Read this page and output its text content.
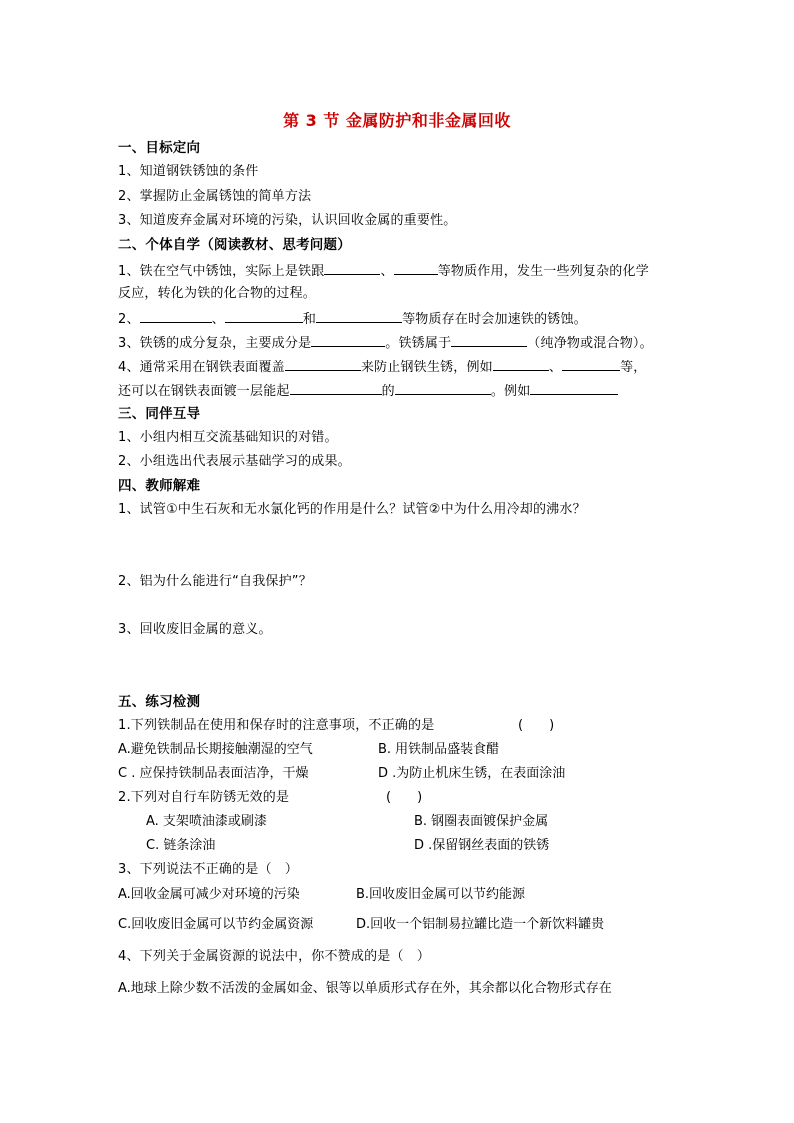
第 3 节 金属防护和非金属回收
一、目标定向
1、知道钢铁锈蚀的条件
2、掌握防止金属锈蚀的简单方法
3、知道废弃金属对环境的污染，认识回收金属的重要性。
二、个体自学（阅读教材、思考问题）
1、铁在空气中锈蚀，实际上是铁跟	、	等物质作用，发生一些列复杂的化学
反应，转化为铁的化合物的过程。
2、	、	和	等物质存在时会加速铁的锈蚀。
3、铁锈的成分复杂，主要成分是	。铁锈属于	（纯净物或混合物）。
4、通常采用在钢铁表面覆盖	来防止钢铁生锈，例如	、	等，
还可以在钢铁表面镀一层能起	的	。例如
三、同伴互导
1、小组内相互交流基础知识的对错。
2、小组选出代表展示基础学习的成果。
四、教师解难
1、试管①中生石灰和无水氯化钙的作用是什么？试管②中为什么用冷却的沸水？
2、铝为什么能进行“自我保护”？
3、回收废旧金属的意义。
五、练习检测
1.下列铁制品在使用和保存时的注意事项，不正确的是	(　　)
A.避免铁制品长期接触潮湿的空气	B. 用铁制品盛装食醋
C . 应保持铁制品表面洁净，干燥	D .为防止机床生锈，在表面涂油
2.下列对自行车防锈无效的是	(　　)
A. 支架喷油漆或刷漆	B. 钢圈表面镀保护金属
C. 链条涂油	D .保留钢丝表面的铁锈
3、下列说法不正确的是（　）
A.回收金属可减少对环境的污染	B.回收废旧金属可以节约能源
C.回收废旧金属可以节约金属资源	D.回收一个铝制易拉罐比造一个新饮料罐贵
4、下列关于金属资源的说法中，你不赞成的是（　）
A.地球上除少数不活泼的金属如金、银等以单质形式存在外，其余都以化合物形式存在
